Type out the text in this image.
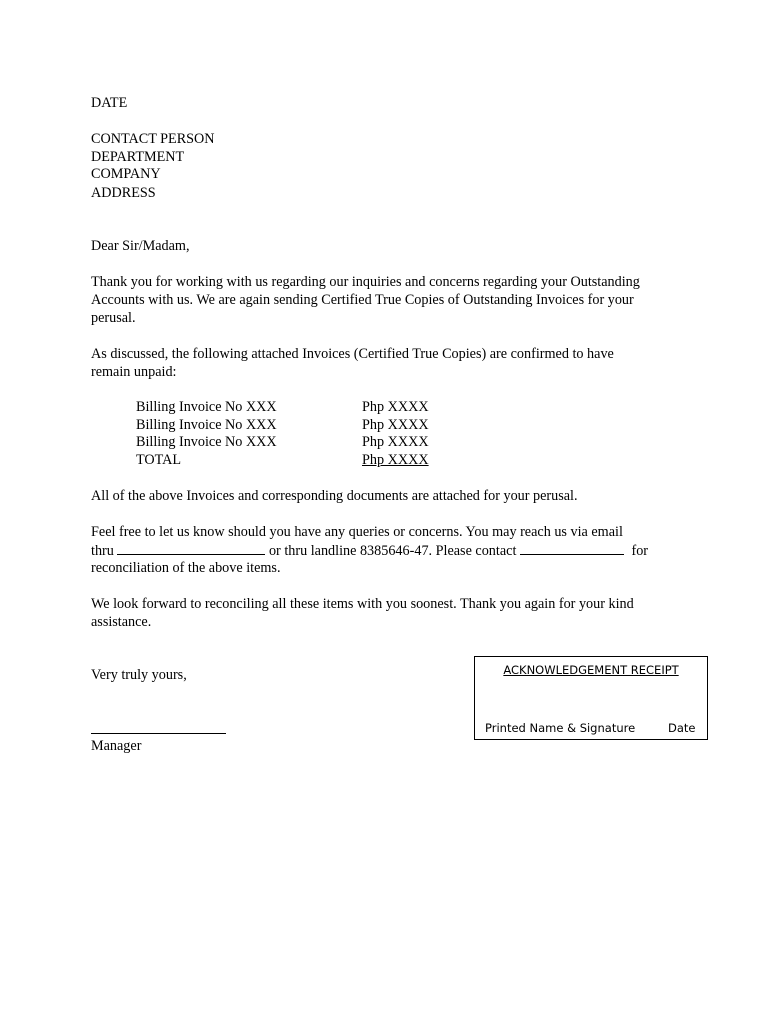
DATE
CONTACT PERSON
DEPARTMENT
COMPANY
ADDRESS
Dear Sir/Madam,
Thank you for working with us regarding our inquiries and concerns regarding your Outstanding
Accounts with us. We are again sending Certified True Copies of Outstanding Invoices for your
perusal.
As discussed, the following attached Invoices (Certified True Copies) are confirmed to have
remain unpaid:
Billing Invoice No XXX	Php XXXX
Billing Invoice No XXX	Php XXXX
Billing Invoice No XXX	Php XXXX
TOTAL	Php XXXX
All of the above Invoices and corresponding documents are attached for your perusal.
Feel free to let us know should you have any queries or concerns. You may reach us via email
thru	or thru landline 8385646-47. Please contact	for
reconciliation of the above items.
We look forward to reconciling all these items with you soonest. Thank you again for your kind
assistance.
Very truly yours,
Manager
ACKNOWLEDGEMENT RECEIPT
Printed Name & Signature	Date
